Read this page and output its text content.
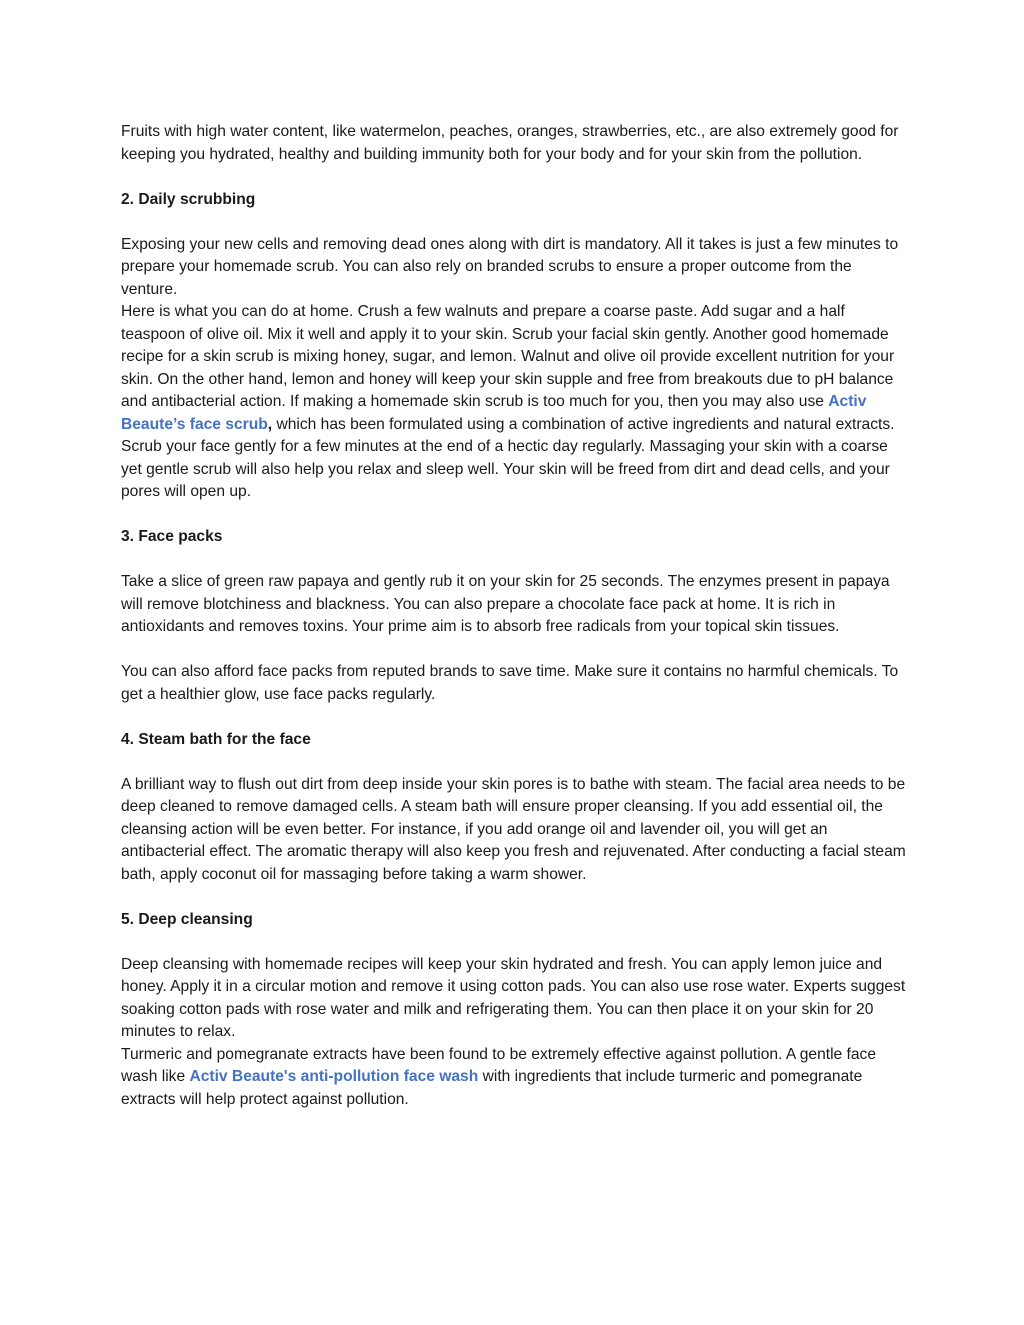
Fruits with high water content, like watermelon, peaches, oranges, strawberries, etc., are also extremely good for keeping you hydrated, healthy and building immunity both for your body and for your skin from the pollution.

2. Daily scrubbing

Exposing your new cells and removing dead ones along with dirt is mandatory. All it takes is just a few minutes to prepare your homemade scrub. You can also rely on branded scrubs to ensure a proper outcome from the venture.

Here is what you can do at home. Crush a few walnuts and prepare a coarse paste. Add sugar and a half teaspoon of olive oil. Mix it well and apply it to your skin. Scrub your facial skin gently. Another good homemade recipe for a skin scrub is mixing honey, sugar, and lemon. Walnut and olive oil provide excellent nutrition for your skin. On the other hand, lemon and honey will keep your skin supple and free from breakouts due to pH balance and antibacterial action. If making a homemade skin scrub is too much for you, then you may also use Activ Beaute’s face scrub, which has been formulated using a combination of active ingredients and natural extracts.

Scrub your face gently for a few minutes at the end of a hectic day regularly. Massaging your skin with a coarse yet gentle scrub will also help you relax and sleep well. Your skin will be freed from dirt and dead cells, and your pores will open up.

3. Face packs

Take a slice of green raw papaya and gently rub it on your skin for 25 seconds. The enzymes present in papaya will remove blotchiness and blackness. You can also prepare a chocolate face pack at home. It is rich in antioxidants and removes toxins. Your prime aim is to absorb free radicals from your topical skin tissues.

You can also afford face packs from reputed brands to save time. Make sure it contains no harmful chemicals. To get a healthier glow, use face packs regularly.

4. Steam bath for the face

A brilliant way to flush out dirt from deep inside your skin pores is to bathe with steam. The facial area needs to be deep cleaned to remove damaged cells. A steam bath will ensure proper cleansing. If you add essential oil, the cleansing action will be even better. For instance, if you add orange oil and lavender oil, you will get an antibacterial effect. The aromatic therapy will also keep you fresh and rejuvenated. After conducting a facial steam bath, apply coconut oil for massaging before taking a warm shower.

5. Deep cleansing

Deep cleansing with homemade recipes will keep your skin hydrated and fresh. You can apply lemon juice and honey. Apply it in a circular motion and remove it using cotton pads. You can also use rose water. Experts suggest soaking cotton pads with rose water and milk and refrigerating them. You can then place it on your skin for 20 minutes to relax.

Turmeric and pomegranate extracts have been found to be extremely effective against pollution. A gentle face wash like Activ Beaute's anti-pollution face wash with ingredients that include turmeric and pomegranate extracts will help protect against pollution.
